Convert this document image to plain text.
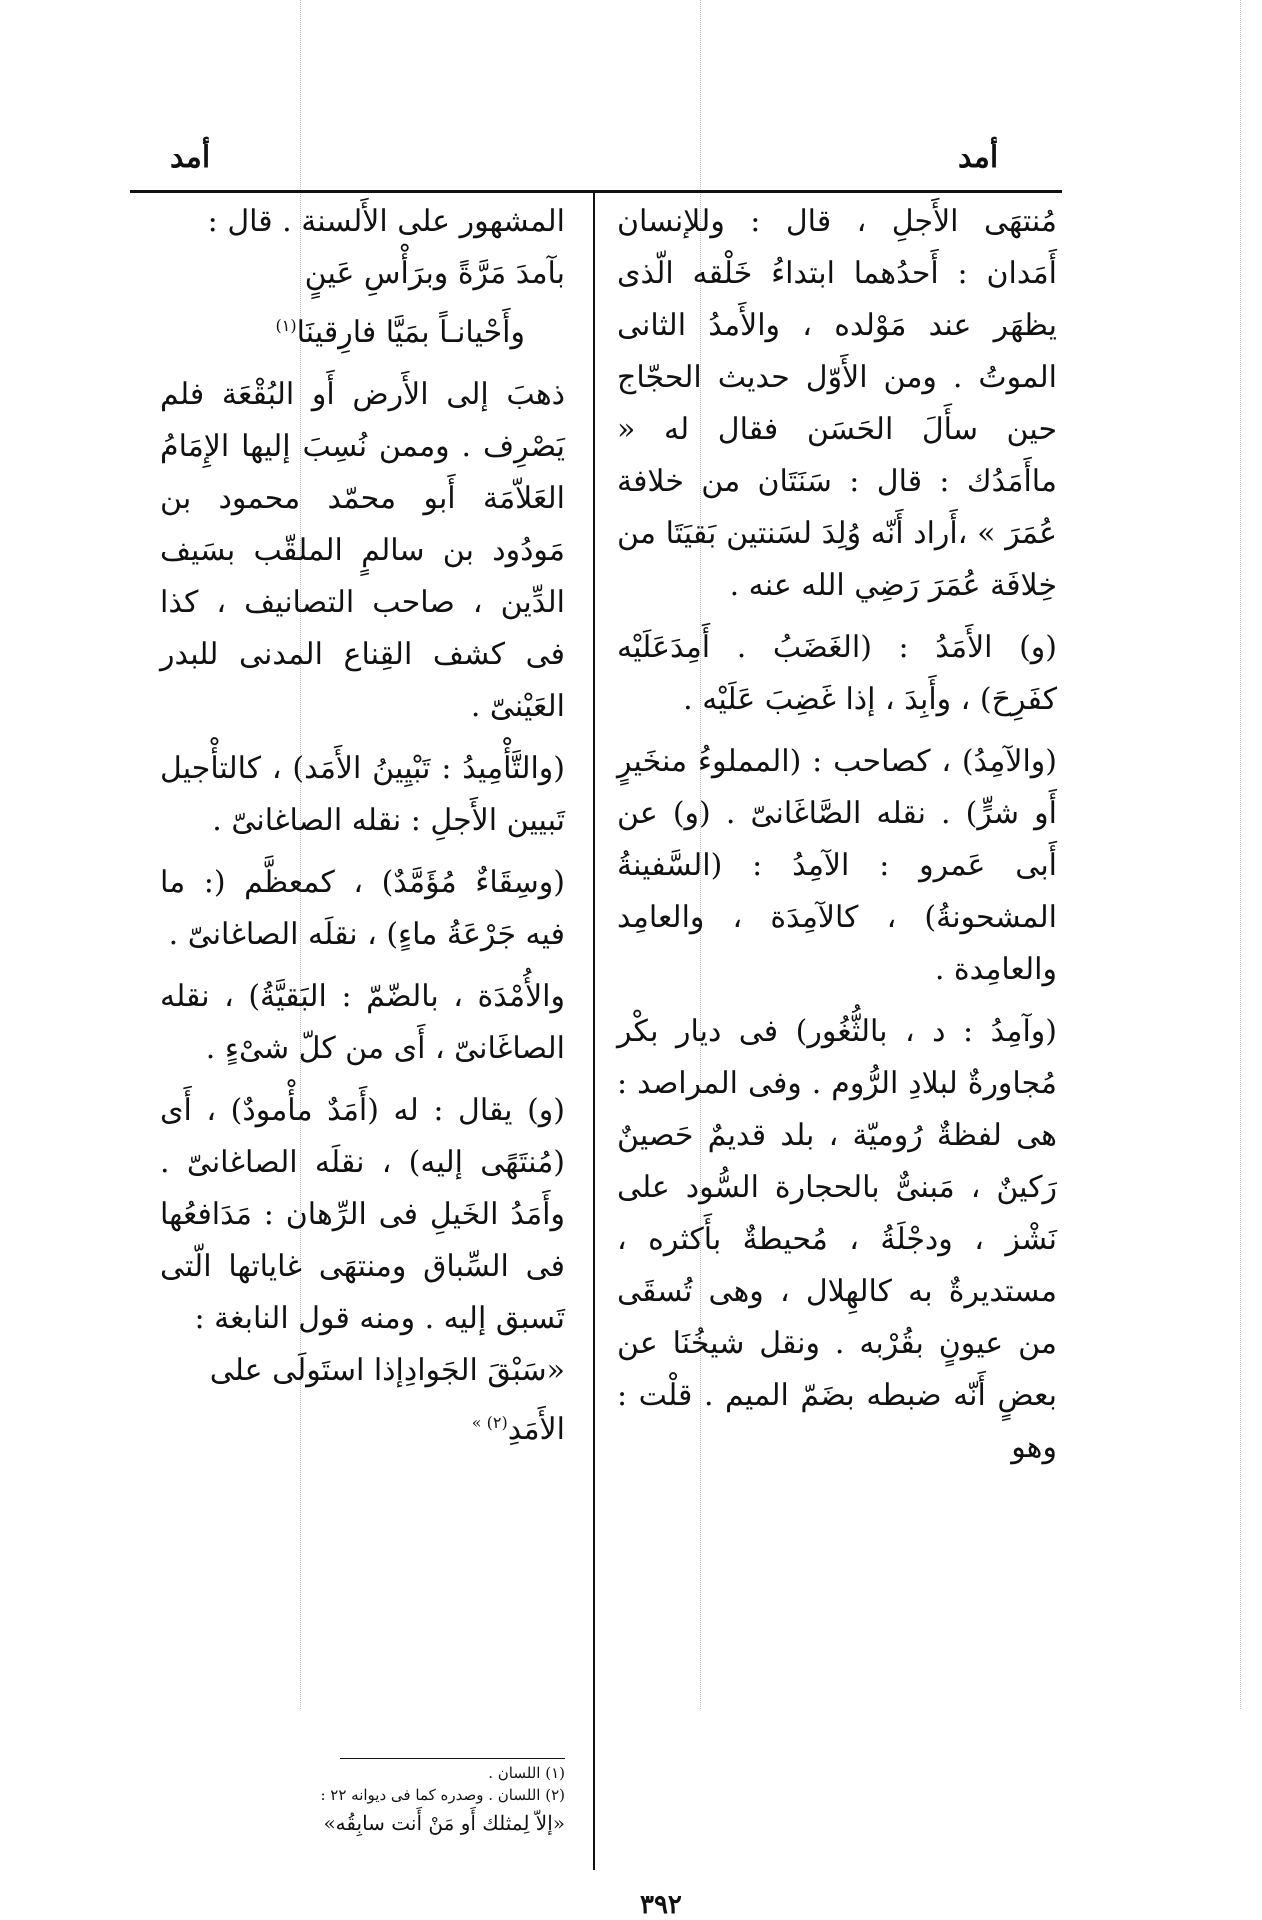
أمد
أمد

مُنتهَى الأَجلِ ، قال : وللإنسان أَمَدان : أَحدُهما ابتداءُ خَلْقه الّذى يظهَر عند مَوْلده ، والأَمدُ الثانى الموتُ . ومن الأَوّل حديث الحجّاج حين سأَلَ الحَسَن فقال له « ماأَمَدُك : قال : سَنَتَان من خلافة عُمَرَ » ،أَراد أَنّه وُلِدَ لسَنتين بَقيَتَا من خِلافَة عُمَرَ رَضِي الله عنه .

(و) الأَمَدُ : (الغَضَبُ . أَمِدَعَلَيْه كفَرِحَ) ، وأَبِدَ ، إذا غَضِبَ عَلَيْه .

(والآمِدُ) ، كصاحب : (المملوءُ منخَيرٍ أَو شرٍّ) . نقله الصَّاغَانىّ . (و) عن أَبى عَمرو : الآمِدُ : (السَّفينةُ المشحونةُ) ، كالآمِدَة ، والعامِد والعامِدة .

(وآمِدُ : د ، بالثُّغُور) فى ديار بكْر مُجاورةٌ لبلادِ الرُّوم . وفى المراصد : هى لفظةٌ رُوميّة ، بلد قديمٌ حَصينٌ رَكينٌ ، مَبنىٌّ بالحجارة السُّود على نَشْز ، ودجْلَةُ ، مُحيطةٌ بأَكثره ، مستديرةٌ به كالهِلال ، وهى تُسقَى من عيونٍ بقُرْبه . ونقل شيخُنَا عن بعضٍ أَنّه ضبطه بضَمّ الميم . قلْت : وهو

المشهور على الأَلسنة . قال :

بآمدَ مَرَّةً وبرَأْسِ عَينٍ

وأَحْيانـاً بمَيَّا فارِقينَا$^{(١)}$

ذهبَ إلى الأَرض أَو البُقْعَة فلم يَصْرِف . وممن نُسِبَ إليها الإِمَامُ العَلاّمَة أَبو محمّد محمود بن مَودُود بن سالمٍ الملقّب بسَيف الدِّين ، صاحب التصانيف ، كذا فى كشف القِناع المدنى للبدر العَيْنىّ .

(والتَّأْمِيدُ : تَبْيِينُ الأَمَد) ، كالتأْجيل تَبيين الأَجلِ : نقله الصاغانىّ .

(وسِقَاءٌ مُؤَمَّدٌ) ، كمعظَّم (: ما فيه جَرْعَةُ ماءٍ) ، نقلَه الصاغانىّ .

والأُمْدَة ، بالضّمّ : البَقيَّةُ) ، نقله الصاغَانىّ ، أَى من كلّ شىْءٍ .

(و) يقال : له (أَمَدٌ مأْمودٌ) ، أَى (مُنتَهًى إليه) ، نقلَه الصاغانىّ . وأَمَدُ الخَيلِ فى الرِّهان : مَدَافعُها فى السِّباق ومنتهَى غاياتها الّتى تَسبق إليه . ومنه قول النابغة :

«سَبْقَ الجَوادِإذا استَولَى على الأَمَدِ$^{(٢) »}$

(١) اللسان .

(٢) اللسان . وصدره كما فى ديوانه ٢٢ :

«إلاّ لِمثلك أَو مَنْ أَنت سابِقُه»

٣٩٢
